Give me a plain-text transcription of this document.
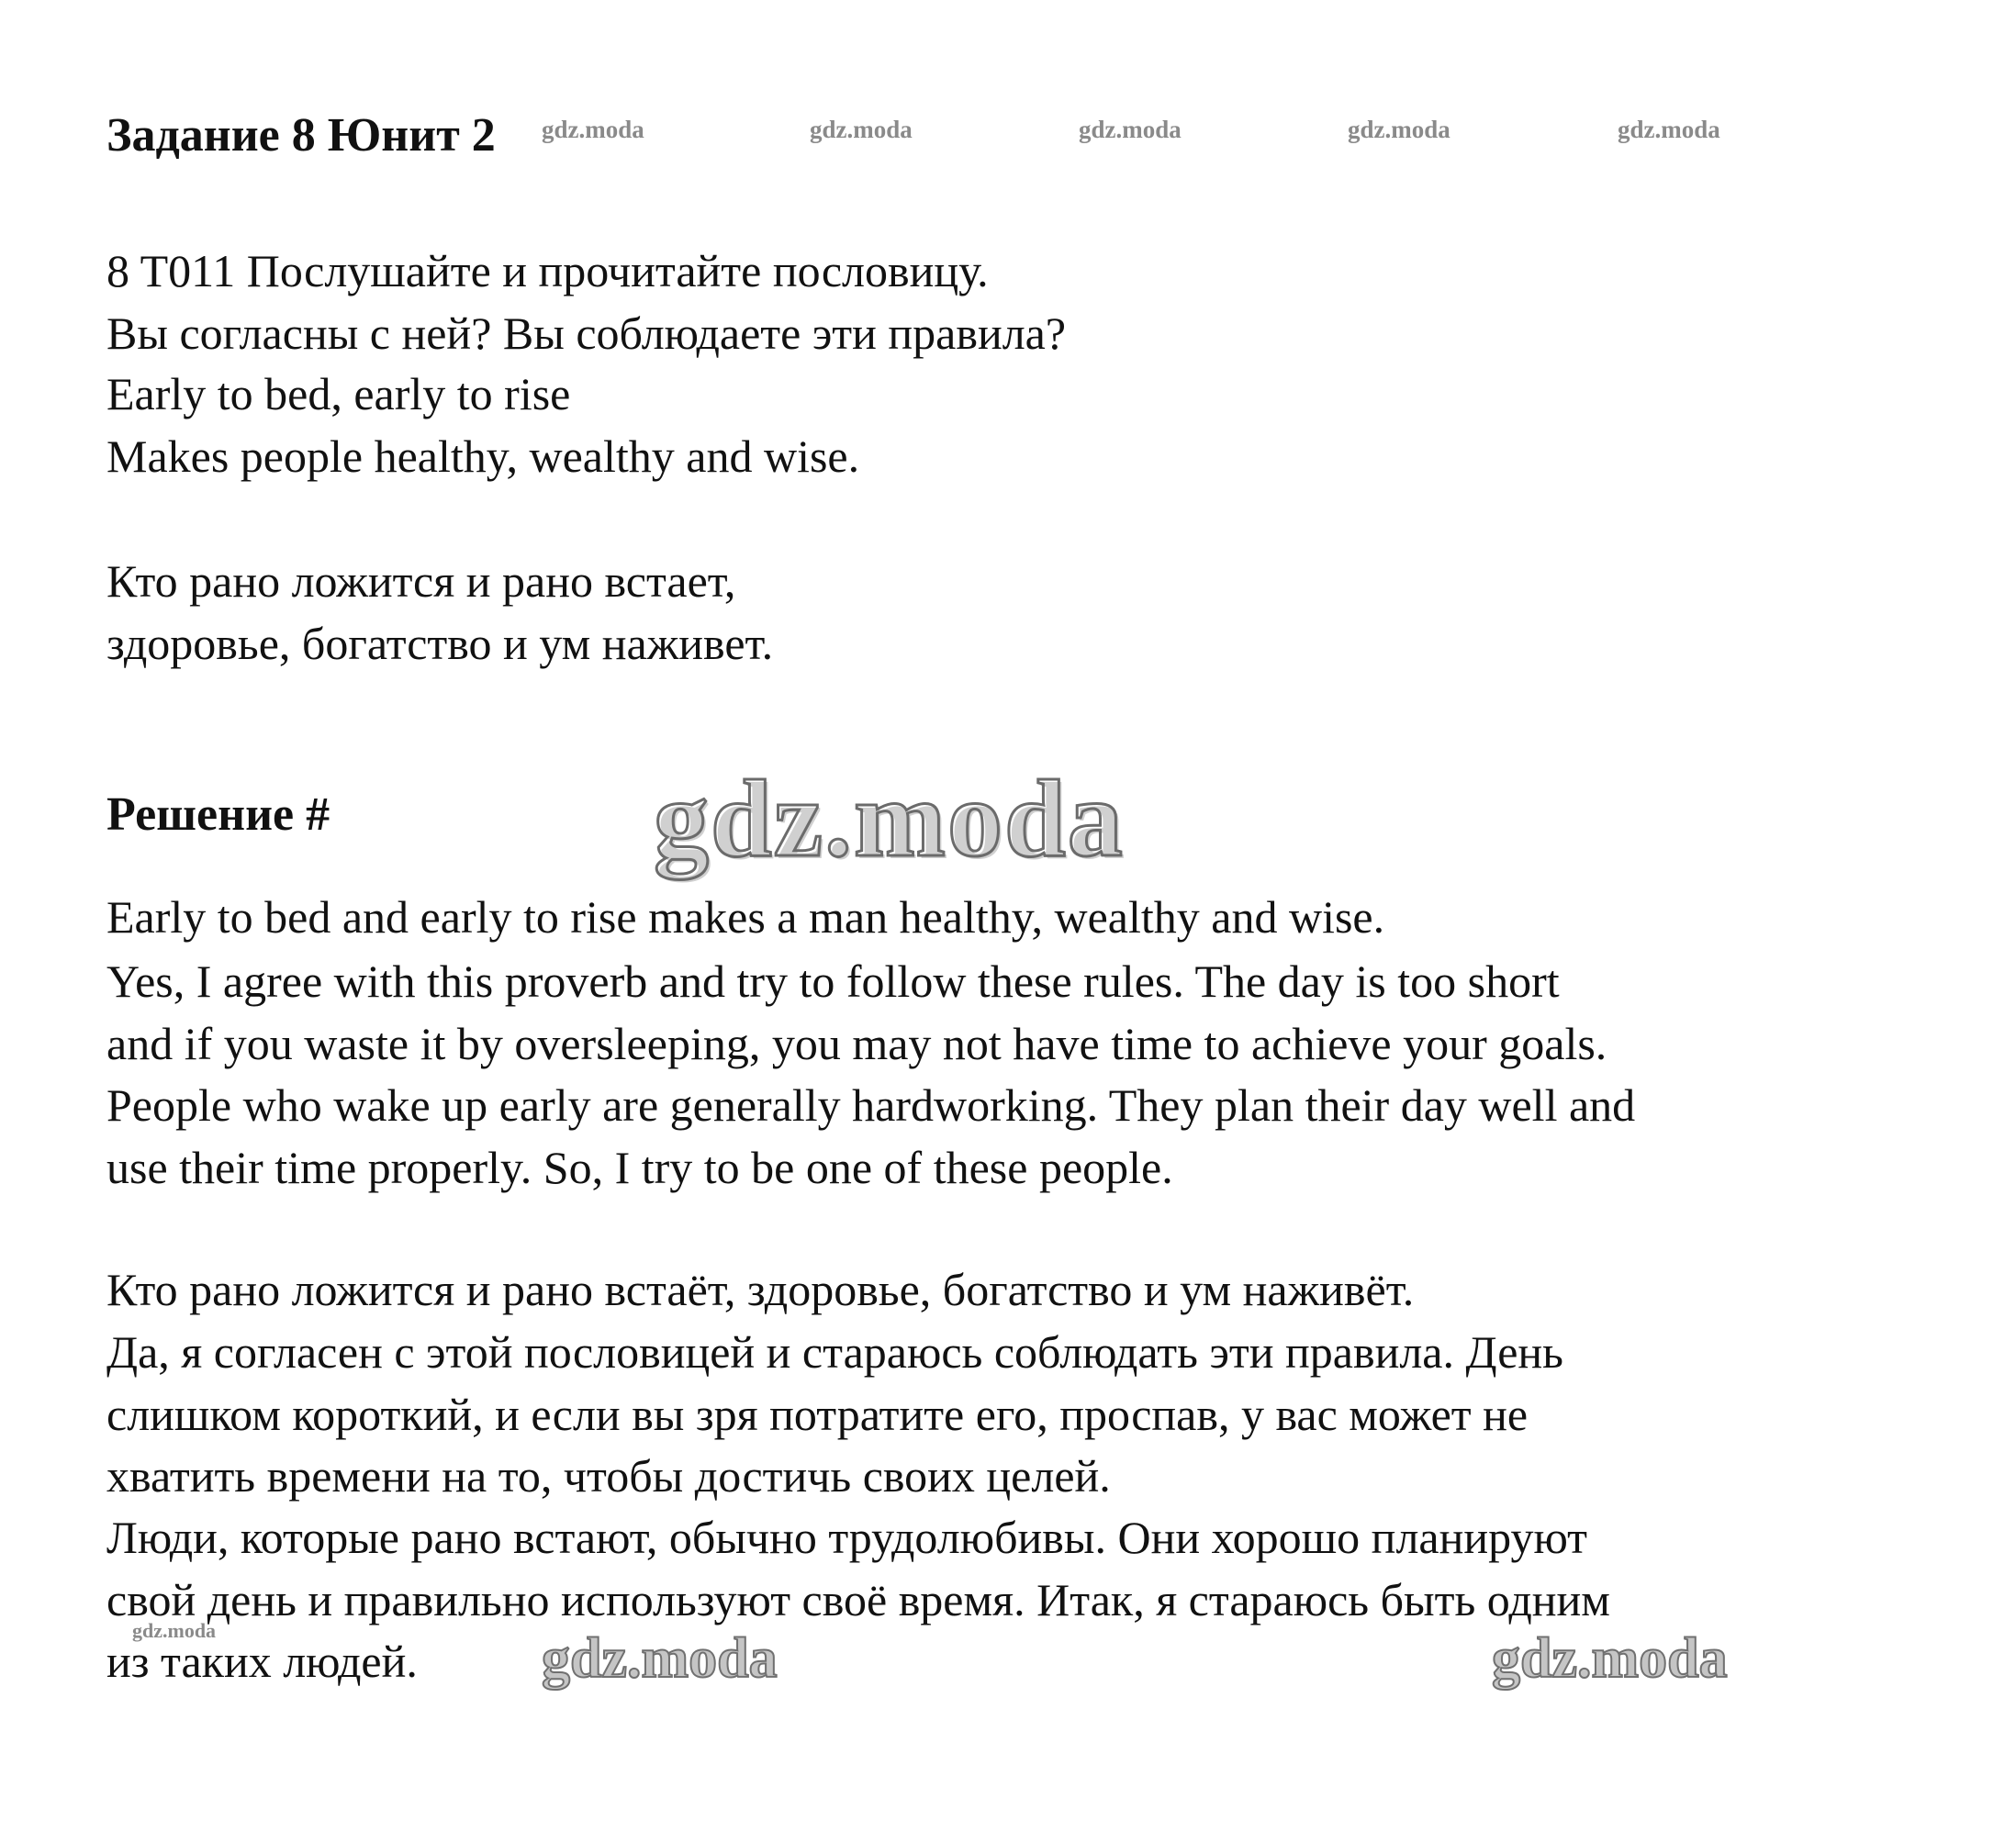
Задание 8 Юнит 2 gdz.moda	gdz.moda	gdz.moda	gdz.moda	gdz.moda
8 T011 Послушайте и прочитайте пословицу.
Вы согласны с ней? Вы соблюдаете эти правила?
Early to bed, early to rise
Makes people healthy, wealthy and wise.
Кто рано ложится и рано встает,
здоровье, богатство и ум наживет.
Решение #	gdz.moda
Early to bed and early to rise makes a man healthy, wealthy and wise.
Yes, I agree with this proverb and try to follow these rules. The day is too short
and if you waste it by oversleeping, you may not have time to achieve your goals.
People who wake up early are generally hardworking. They plan their day well and
use their time properly. So, I try to be one of these people.
Кто рано ложится и рано встаёт, здоровье, богатство и ум наживёт.
Да, я согласен с этой пословицей и стараюсь соблюдать эти правила. День
слишком короткий, и если вы зря потратите его, проспав, у вас может не
хватить времени на то, чтобы достичь своих целей.
Люди, которые рано встают, обычно трудолюбивы. Они хорошо планируют
свой день и правильно используют своё время. Итак, я стараюсь быть одним
из таких людей.
gdz.moda	gdz.moda	gdz.moda
